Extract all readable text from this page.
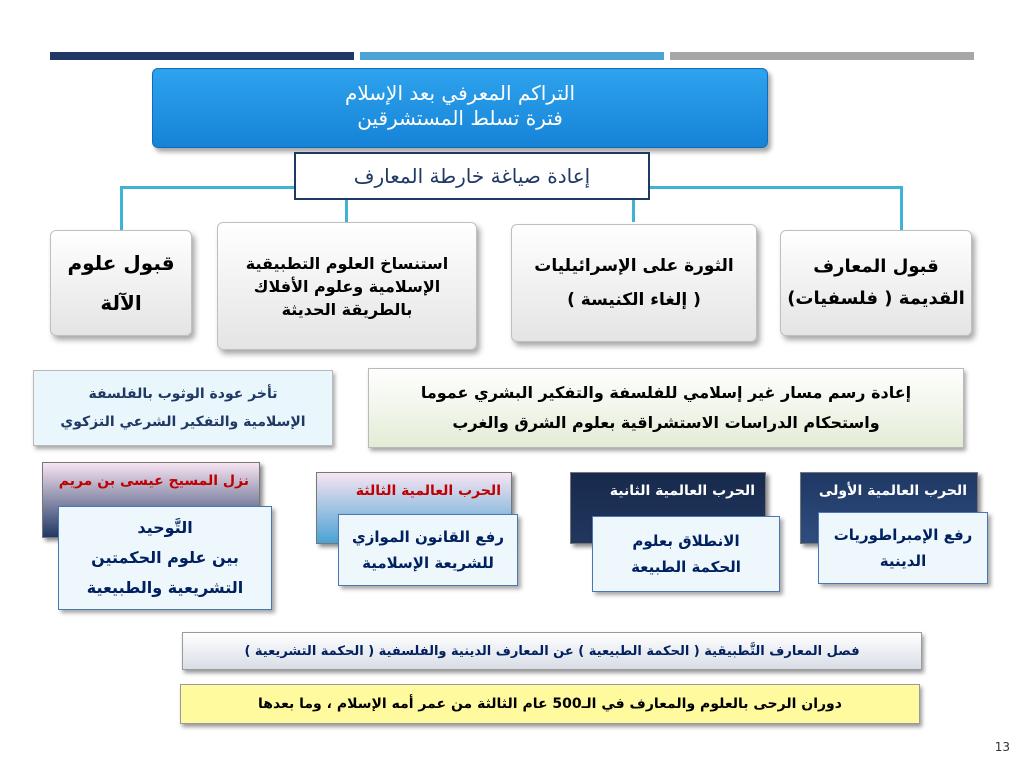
التراكم المعرفي بعد الإسلام
فترة تسلط المستشرقين
إعادة صياغة خارطة المعارف
قبول المعارف
القديمة ( فلسفيات)
الثورة على الإسرائيليات
( إلغاء الكنيسة )
استنساخ العلوم التطبيقية
الإسلامية وعلوم الأفلاك
بالطريقة الحديثة
قبول علوم
الآلة
إعادة رسم مسار غير إسلامي للفلسفة والتفكير البشري عموما
واستحكام الدراسات الاستشراقية بعلوم الشرق والغرب
تأخر عودة الوثوب بالفلسفة
الإسلامية والتفكير الشرعي التزكوي
الحرب العالمية الأولى
رفع الإمبراطوريات
الدينية
الحرب العالمية الثانية
الانطلاق بعلوم
الحكمة الطبيعة
الحرب العالمية الثالثة
رفع القانون الموازي
للشريعة الإسلامية
نزل المسيح عيسى بن مريم
التَّوحيد
بين علوم الحكمتين
التشريعية والطبيعية
فصل المعارف التَّطبيقية ( الحكمة الطبيعية ) عن المعارف الدينية والفلسفية ( الحكمة التشريعية )
دوران الرحى بالعلوم والمعارف في الـ500 عام الثالثة من عمر أمه الإسلام ، وما بعدها
13
